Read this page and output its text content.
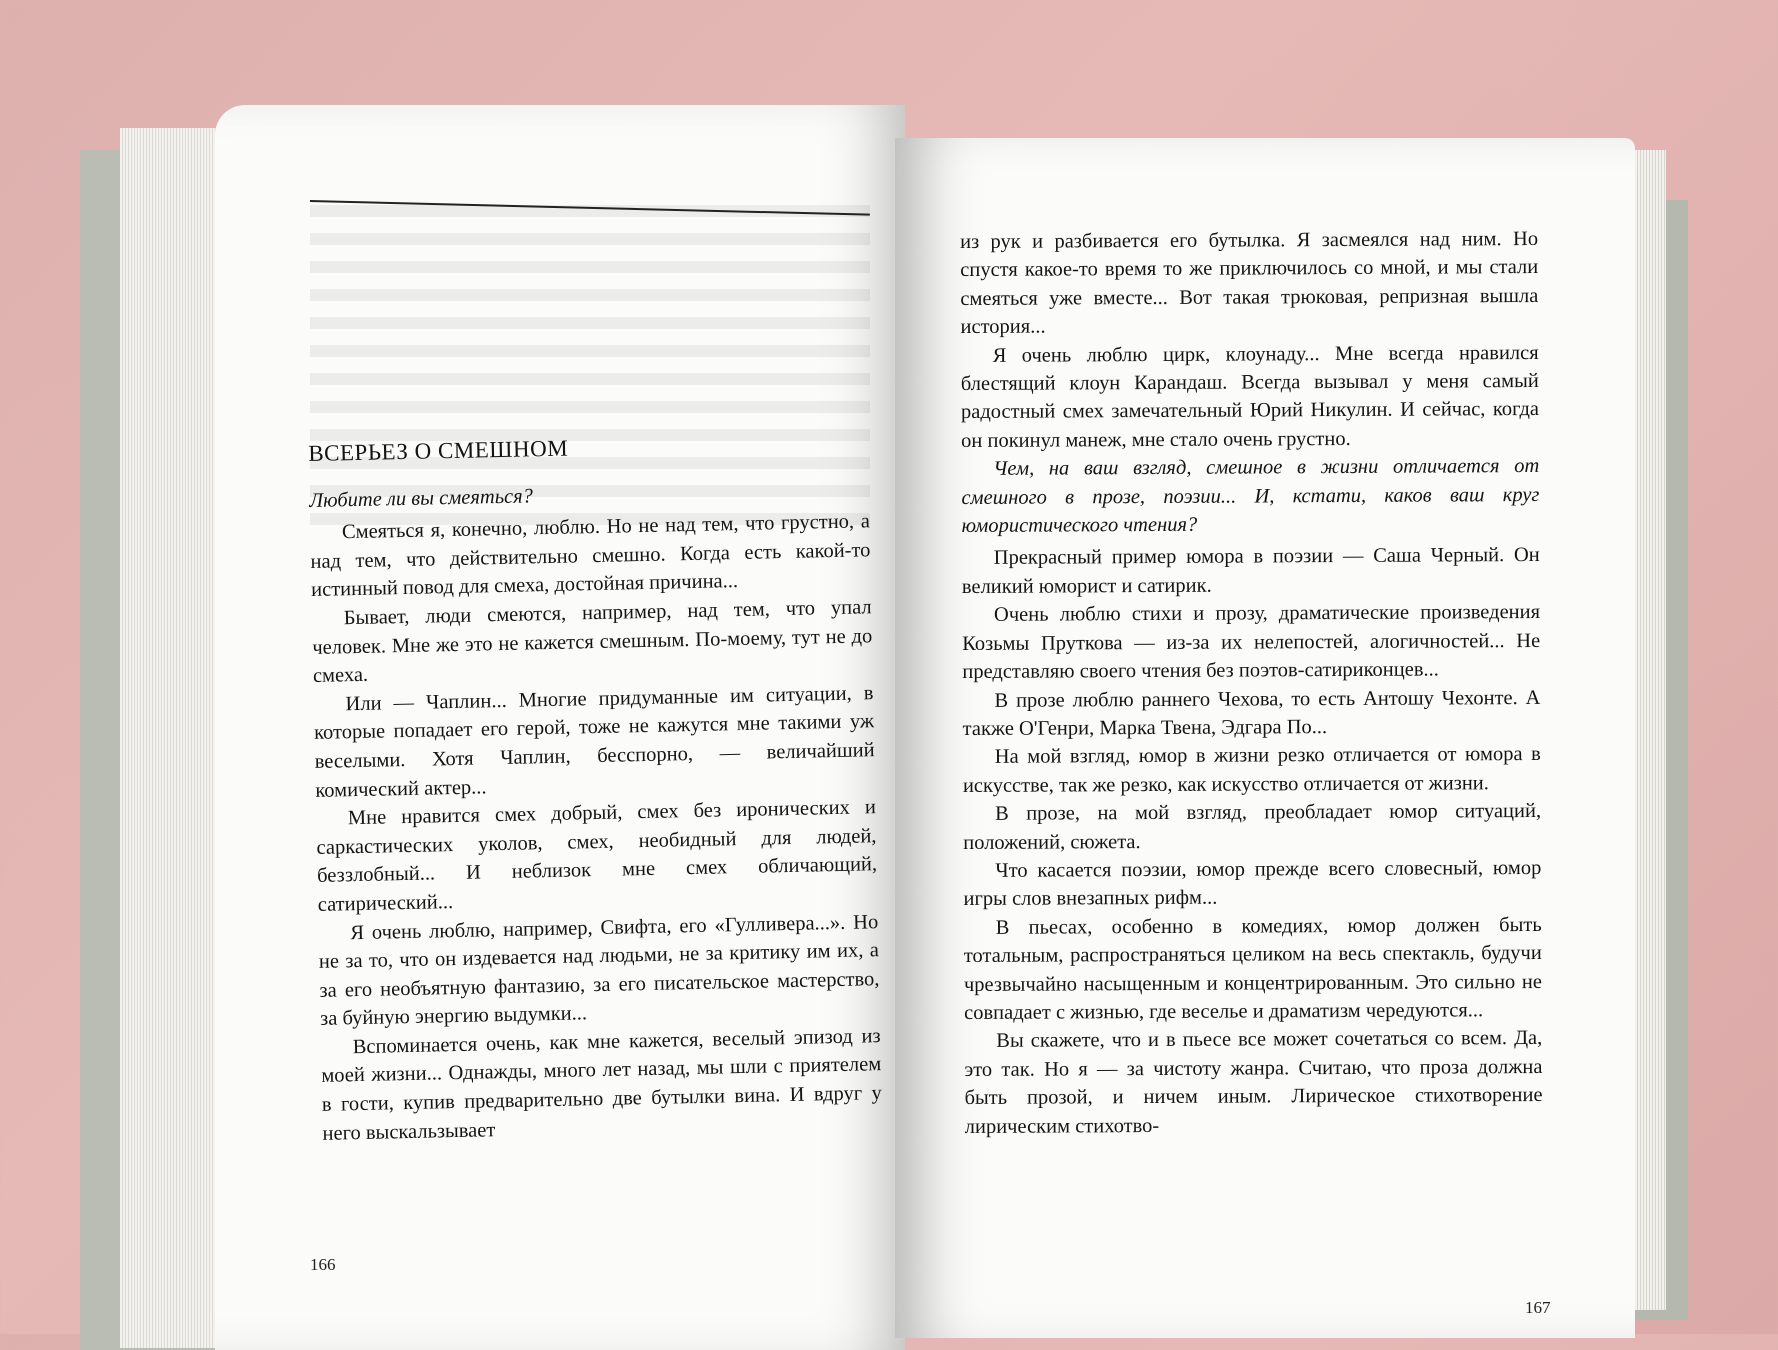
ВСЕРЬЕЗ О СМЕШНОМ

Любите ли вы смеяться?

Смеяться я, конечно, люблю. Но не над тем, что грустно, а над тем, что действительно смешно. Когда есть какой-то истинный повод для смеха, достойная причина...

Бывает, люди смеются, например, над тем, что упал человек. Мне же это не кажется смешным. По-моему, тут не до смеха.

Или — Чаплин... Многие придуманные им ситуации, в которые попадает его герой, тоже не кажутся мне такими уж веселыми. Хотя Чаплин, бесспорно, — величайший комический актер...

Мне нравится смех добрый, смех без иронических и саркастических уколов, смех, необидный для людей, беззлобный... И неблизок мне смех обличающий, сатирический...

Я очень люблю, например, Свифта, его «Гулливера...». Но не за то, что он издевается над людьми, не за критику им их, а за его необъятную фантазию, за его писательское мастерство, за буйную энергию выдумки...

Вспоминается очень, как мне кажется, веселый эпизод из моей жизни... Однажды, много лет назад, мы шли с приятелем в гости, купив предварительно две бутылки вина. И вдруг у него выскальзывает

166

из рук и разбивается его бутылка. Я засмеялся над ним. Но спустя какое-то время то же приключилось со мной, и мы стали смеяться уже вместе... Вот такая трюковая, репризная вышла история...

Я очень люблю цирк, клоунаду... Мне всегда нравился блестящий клоун Карандаш. Всегда вызывал у меня самый радостный смех замечательный Юрий Никулин. И сейчас, когда он покинул манеж, мне стало очень грустно.

Чем, на ваш взгляд, смешное в жизни отличается от смешного в прозе, поэзии... И, кстати, каков ваш круг юмористического чтения?

Прекрасный пример юмора в поэзии — Саша Черный. Он великий юморист и сатирик.

Очень люблю стихи и прозу, драматические произведения Козьмы Пруткова — из-за их нелепостей, алогичностей... Не представляю своего чтения без поэтов-сатириконцев...

В прозе люблю раннего Чехова, то есть Антошу Чехонте. А также О'Генри, Марка Твена, Эдгара По...

На мой взгляд, юмор в жизни резко отличается от юмора в искусстве, так же резко, как искусство отличается от жизни.

В прозе, на мой взгляд, преобладает юмор ситуаций, положений, сюжета.

Что касается поэзии, юмор прежде всего словесный, юмор игры слов внезапных рифм...

В пьесах, особенно в комедиях, юмор должен быть тотальным, распространяться целиком на весь спектакль, будучи чрезвычайно насыщенным и концентрированным. Это сильно не совпадает с жизнью, где веселье и драматизм чередуются...

Вы скажете, что и в пьесе все может сочетаться со всем. Да, это так. Но я — за чистоту жанра. Считаю, что проза должна быть прозой, и ничем иным. Лирическое стихотворение лирическим стихотво-

167
